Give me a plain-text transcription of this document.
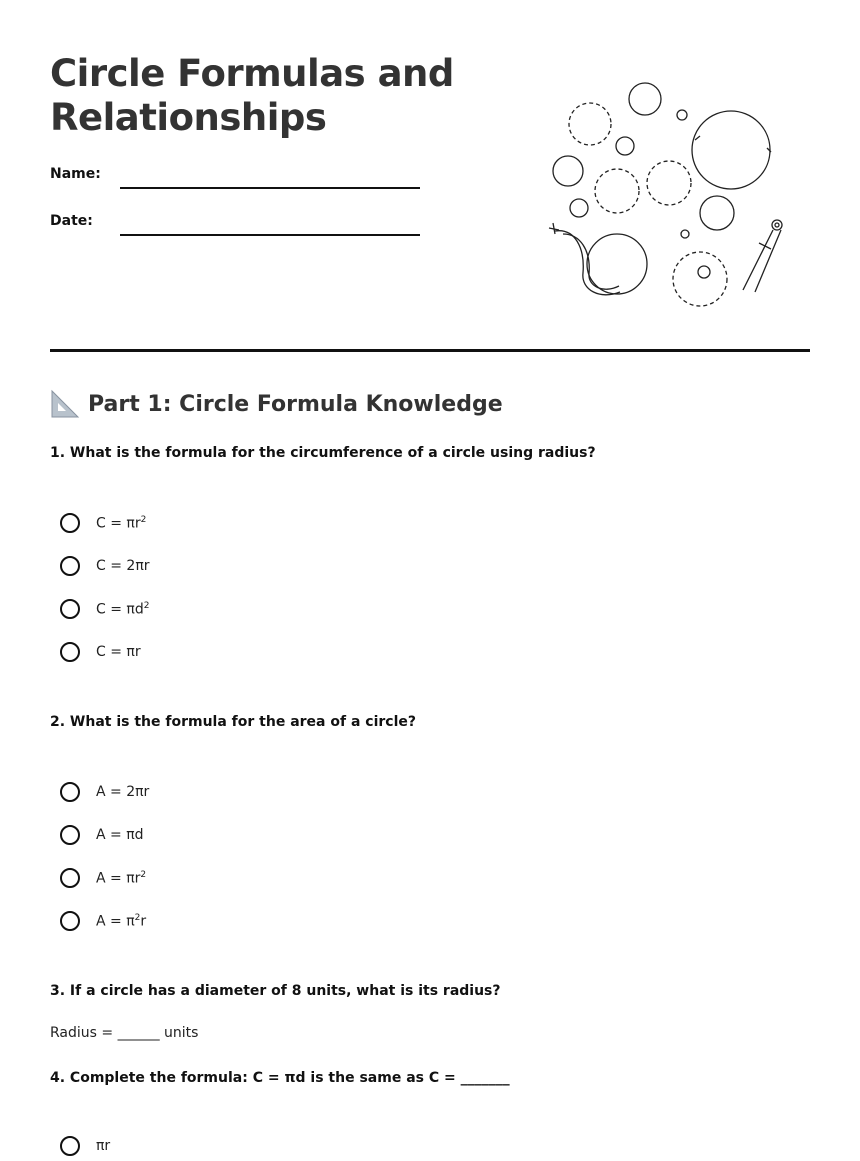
Circle Formulas and Relationships
Name:
Date:
Part 1: Circle Formula Knowledge
1. What is the formula for the circumference of a circle using radius?
$C = \pi r^2$
C = 2πr
$C = \pi d^2$
C = πr
2. What is the formula for the area of a circle?
A = 2πr
A = πd
$A = \pi r^2$
$A = \pi^2r$
3. If a circle has a diameter of 8 units, what is its radius?
Radius = ______ units
4. Complete the formula: C = πd is the same as C = _______
πr
